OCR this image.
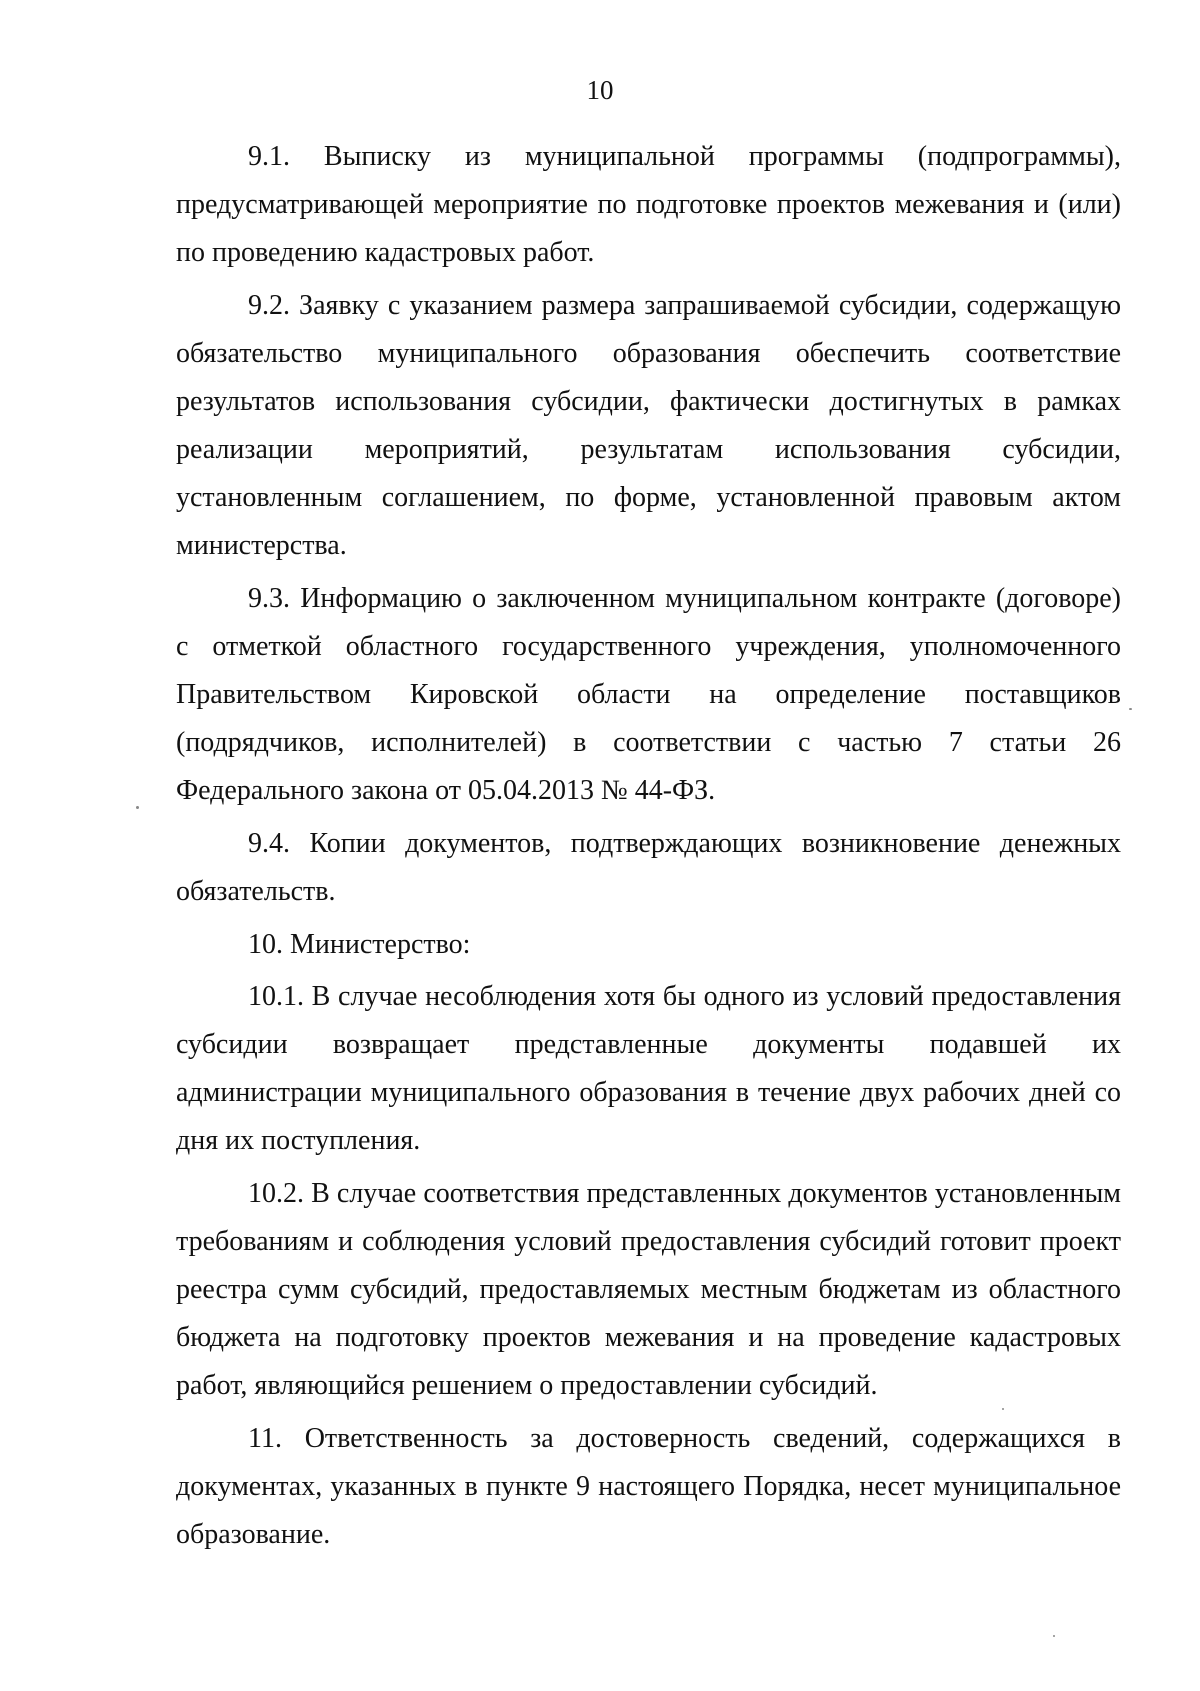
10

9.1. Выписку из муниципальной программы (подпрограммы), предусматривающей мероприятие по подготовке проектов межевания и (или) по проведению кадастровых работ.

9.2. Заявку с указанием размера запрашиваемой субсидии, содержащую обязательство муниципального образования обеспечить соответствие результатов использования субсидии, фактически достигнутых в рамках реализации мероприятий, результатам использования субсидии, установленным соглашением, по форме, установленной правовым актом министерства.

9.3. Информацию о заключенном муниципальном контракте (договоре) с отметкой областного государственного учреждения, уполномоченного Правительством Кировской области на определение поставщиков (подрядчиков, исполнителей) в соответствии с частью 7 статьи 26 Федерального закона от 05.04.2013 № 44-ФЗ.

9.4. Копии документов, подтверждающих возникновение денежных обязательств.

10. Министерство:

10.1. В случае несоблюдения хотя бы одного из условий предоставления субсидии возвращает представленные документы подавшей их администрации муниципального образования в течение двух рабочих дней со дня их поступления.

10.2. В случае соответствия представленных документов установленным требованиям и соблюдения условий предоставления субсидий готовит проект реестра сумм субсидий, предоставляемых местным бюджетам из областного бюджета на подготовку проектов межевания и на проведение кадастровых работ, являющийся решением о предоставлении субсидий.

11. Ответственность за достоверность сведений, содержащихся в документах, указанных в пункте 9 настоящего Порядка, несет муниципальное образование.
